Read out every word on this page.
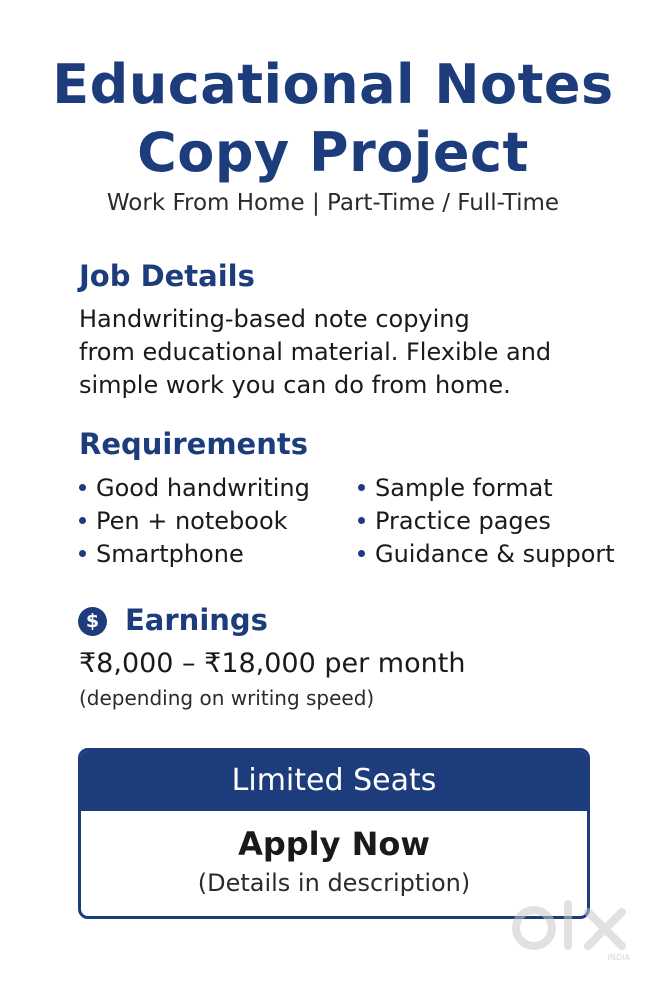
Educational Notes
Copy Project
Work From Home | Part-Time / Full-Time
Job Details
Handwriting-based note copying
from educational material. Flexible and
simple work you can do from home.
Requirements
Good handwriting
Pen + notebook
Smartphone
Sample format
Practice pages
Guidance & support
$ Earnings
₹8,000 – ₹18,000 per month
(depending on writing speed)
Limited Seats
Apply Now
(Details in description)
INDIA
